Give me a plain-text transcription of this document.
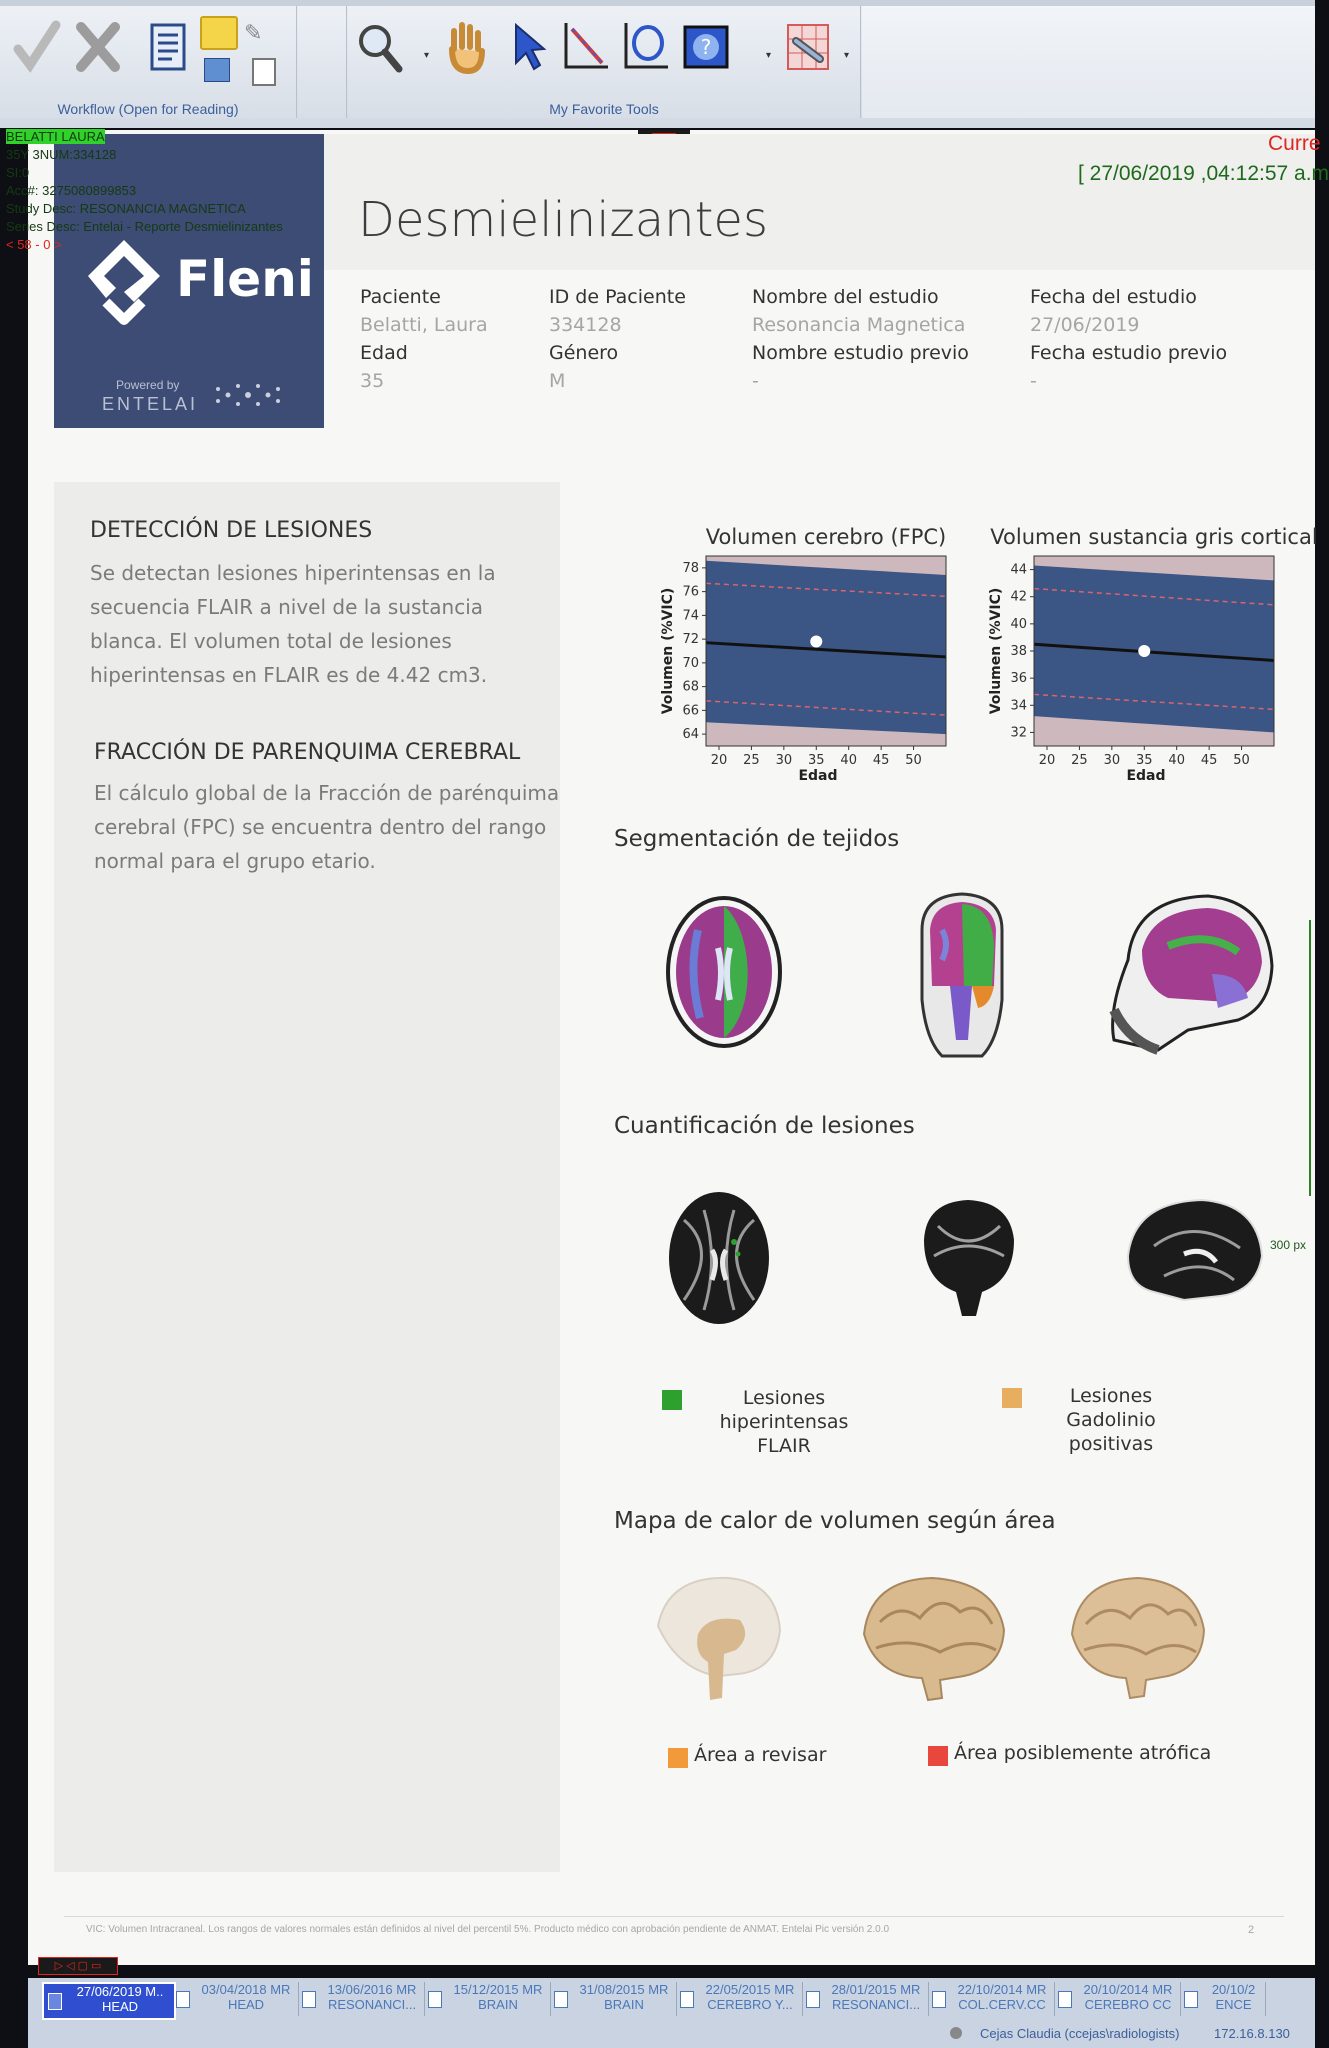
✎
Workflow (Open for Reading)
▾	?	▾	▾
My Favorite Tools
Fleni
Powered by
ENTELAI
Desmielinizantes
[ 27/06/2019 ,04:12:57 a.m
Curre
Paciente
Belatti, Laura
Edad
35
ID de Paciente
334128
Género
M
Nombre del estudio
Resonancia Magnetica
Nombre estudio previo
-
Fecha del estudio
27/06/2019
Fecha estudio previo
-
DETECCIÓN DE LESIONES
Se detectan lesiones hiperintensas en la
secuencia FLAIR a nivel de la sustancia
blanca. El volumen total de lesiones
hiperintensas en FLAIR es de 4.42 cm3.
FRACCIÓN DE PARENQUIMA CEREBRAL
El cálculo global de la Fracción de parénquima
cerebral (FPC) se encuentra dentro del rango
normal para el grupo etario.
Volumen cerebro (FPC)
20 25 30 35 40 45 50
64
66
68
70
72
74
76
78
Edad
Volumen (%VIC)
Volumen sustancia gris cortical
20 25 30 35 40 45 50
32
34
36
38
40
42
44
Edad
Volumen (%VIC)
Segmentación de tejidos
Cuantificación de lesiones
Lesiones hiperintensas
FLAIR
Lesiones Gadolinio
positivas
Mapa de calor de volumen según área
Área a revisar	Área posiblemente atrófica
300 px
VIC: Volumen Intracraneal. Los rangos de valores normales están definidos al nivel del percentil 5%. Producto médico con aprobación pendiente de ANMAT. Entelai Pic versión 2.0.0	2
BELATTI LAURA
35Y 3NUM:334128
SI:0
Acc#: 3275080899853
Study Desc: RESONANCIA MAGNETICA
Series Desc: Entelai - Reporte Desmielinizantes
< 58 - 0 >
▷ ◁ ▢ ▭
27/06/2019 M..
HEAD
03/04/2018 MR
HEAD
13/06/2016 MR
RESONANCI...
15/12/2015 MR
BRAIN
31/08/2015 MR
BRAIN
22/05/2015 MR
CEREBRO Y...
28/01/2015 MR
RESONANCI...
22/10/2014 MR
COL.CERV.CC
20/10/2014 MR
CEREBRO CC
20/10/2
ENCE
Cejas Claudia (ccejas\radiologists)	172.16.8.130
